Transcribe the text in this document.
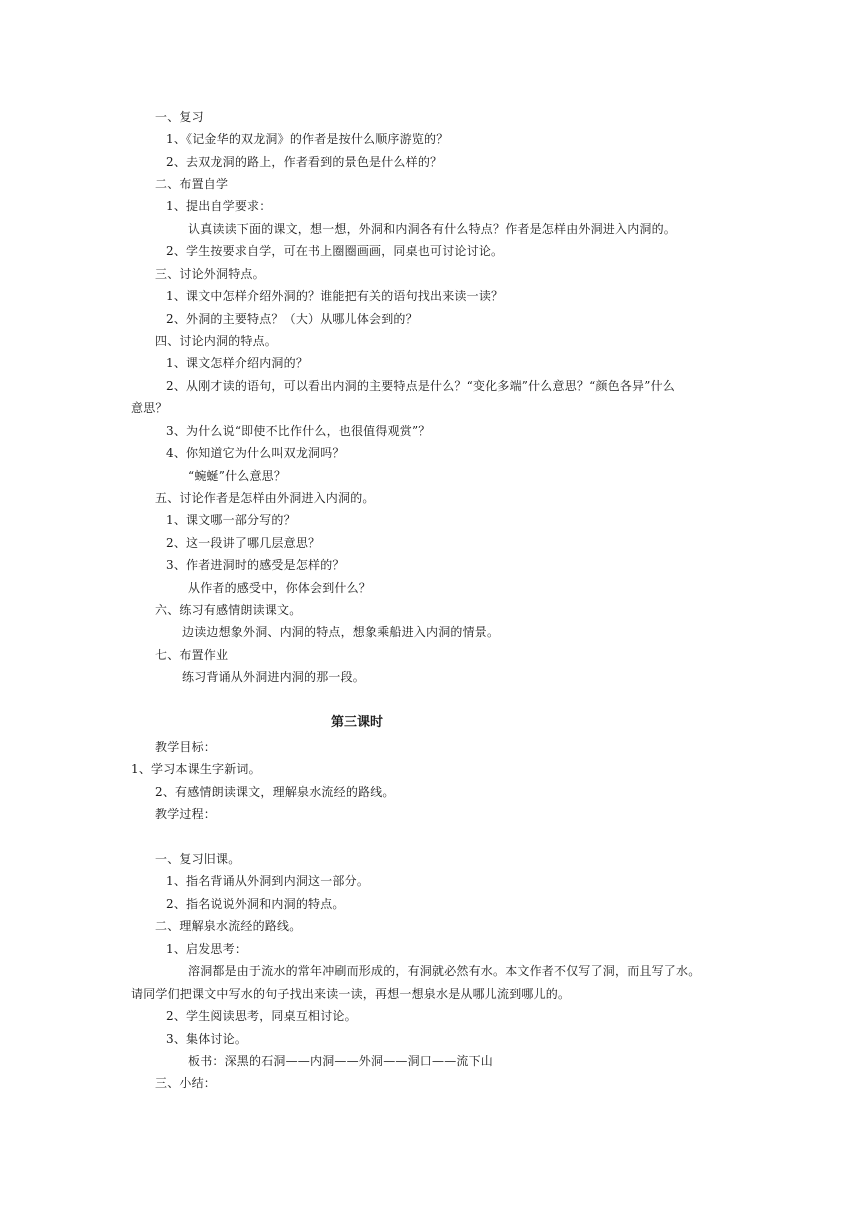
一、复习
1、《记金华的双龙洞》的作者是按什么顺序游览的？
2、去双龙洞的路上，作者看到的景色是什么样的？
二、布置自学
1、提出自学要求：
认真读读下面的课文，想一想，外洞和内洞各有什么特点？作者是怎样由外洞进入内洞的。
2、学生按要求自学，可在书上圈圈画画，同桌也可讨论讨论。
三、讨论外洞特点。
1、课文中怎样介绍外洞的？谁能把有关的语句找出来读一读？
2、外洞的主要特点？（大）从哪儿体会到的？
四、讨论内洞的特点。
1、课文怎样介绍内洞的？
2、从刚才读的语句，可以看出内洞的主要特点是什么？“变化多端”什么意思？“颜色各异”什么
意思？
3、为什么说“即使不比作什么，也很值得观赏”？
4、你知道它为什么叫双龙洞吗？
“蜿蜒”什么意思？
五、讨论作者是怎样由外洞进入内洞的。
1、课文哪一部分写的？
2、这一段讲了哪几层意思？
3、作者进洞时的感受是怎样的？
从作者的感受中，你体会到什么？
六、练习有感情朗读课文。
边读边想象外洞、内洞的特点，想象乘船进入内洞的情景。
七、布置作业
练习背诵从外洞进内洞的那一段。
第三课时
教学目标：
1、学习本课生字新词。
2、有感情朗读课文，理解泉水流经的路线。
教学过程：
一、复习旧课。
1、指名背诵从外洞到内洞这一部分。
2、指名说说外洞和内洞的特点。
二、理解泉水流经的路线。
1、启发思考：
溶洞都是由于流水的常年冲刷而形成的，有洞就必然有水。本文作者不仅写了洞，而且写了水。
请同学们把课文中写水的句子找出来读一读，再想一想泉水是从哪儿流到哪儿的。
2、学生阅读思考，同桌互相讨论。
3、集体讨论。
板书：深黑的石洞——内洞——外洞——洞口——流下山
三、小结：
